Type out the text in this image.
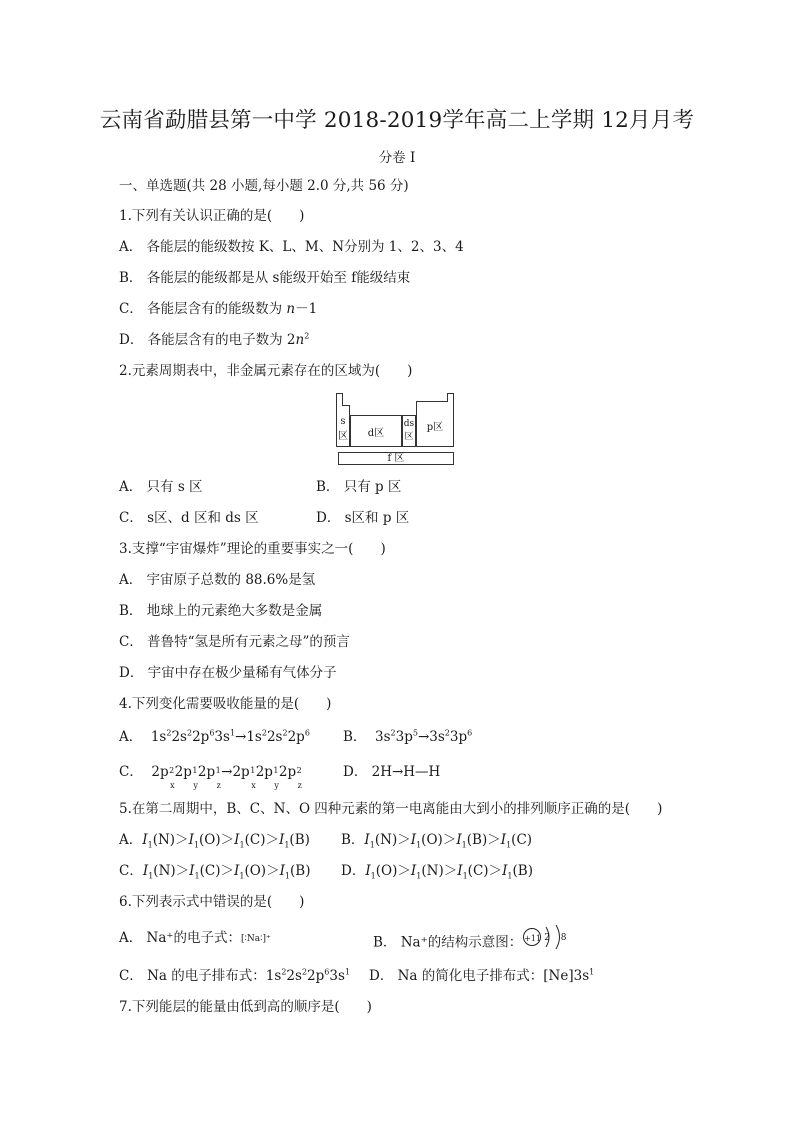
云南省勐腊县第一中学 2018-2019学年高二上学期 12月月考
分卷 I
一、单选题(共 28 小题,每小题 2.0 分,共 56 分)
1.下列有关认识正确的是(　　)
A． 各能层的能级数按 K、L、M、N分别为 1、2、3、4
B． 各能层的能级都是从 s能级开始至 f能级结束
C． 各能层含有的能级数为 n－1
D． 各能层含有的电子数为 $2n^2$
2.元素周期表中，非金属元素存在的区域为(　　)
s
区	d区
ds
区
p区
f 区
A． 只有 s 区	B． 只有 p 区
C． s区、d 区和 ds 区	D． s区和 p 区
3.支撑“宇宙爆炸”理论的重要事实之一(　　)
A． 宇宙原子总数的 88.6%是氢
B． 地球上的元素绝大多数是金属
C． 普鲁特“氢是所有元素之母”的预言
D． 宇宙中存在极少量稀有气体分子
4.下列变化需要吸收能量的是(　　)
A．  $1s^22s^22p^63s^1\to 1s^22s^22p^6$ B．  $3s^23p^5\to 3s^23p^6$
C．  2p 2
x
2p 1
y
2p 1
z
→2p 1
x
2p 1
y
2p 2
z
D． 2H→H—H
5.在第二周期中，B、C、N、O 四种元素的第一电离能由大到小的排列顺序正确的是(　　)
A．$I_1(N)>I_1(O)>I_1(C)>I_1(B)$ B．$I_1(N)>I_1(O)>I_1(B)>I_1(C)$
C．$I_1(N)>I_1(C)>I_1(O)>I_1(B)$ D．$I_1(O)>I_1(N)>I_1(C)>I_1(B)$
6.下列表示式中错误的是(　　)
A． Na⁺的电子式：[∶Na∶]⁺	B． Na⁺的结构示意图： +11 2 8
C． Na 的电子排布式：$1s^22s^22p^63s^1$ D． Na 的简化电子排布式：$[Ne]3s^1$
7.下列能层的能量由低到高的顺序是(　　)
